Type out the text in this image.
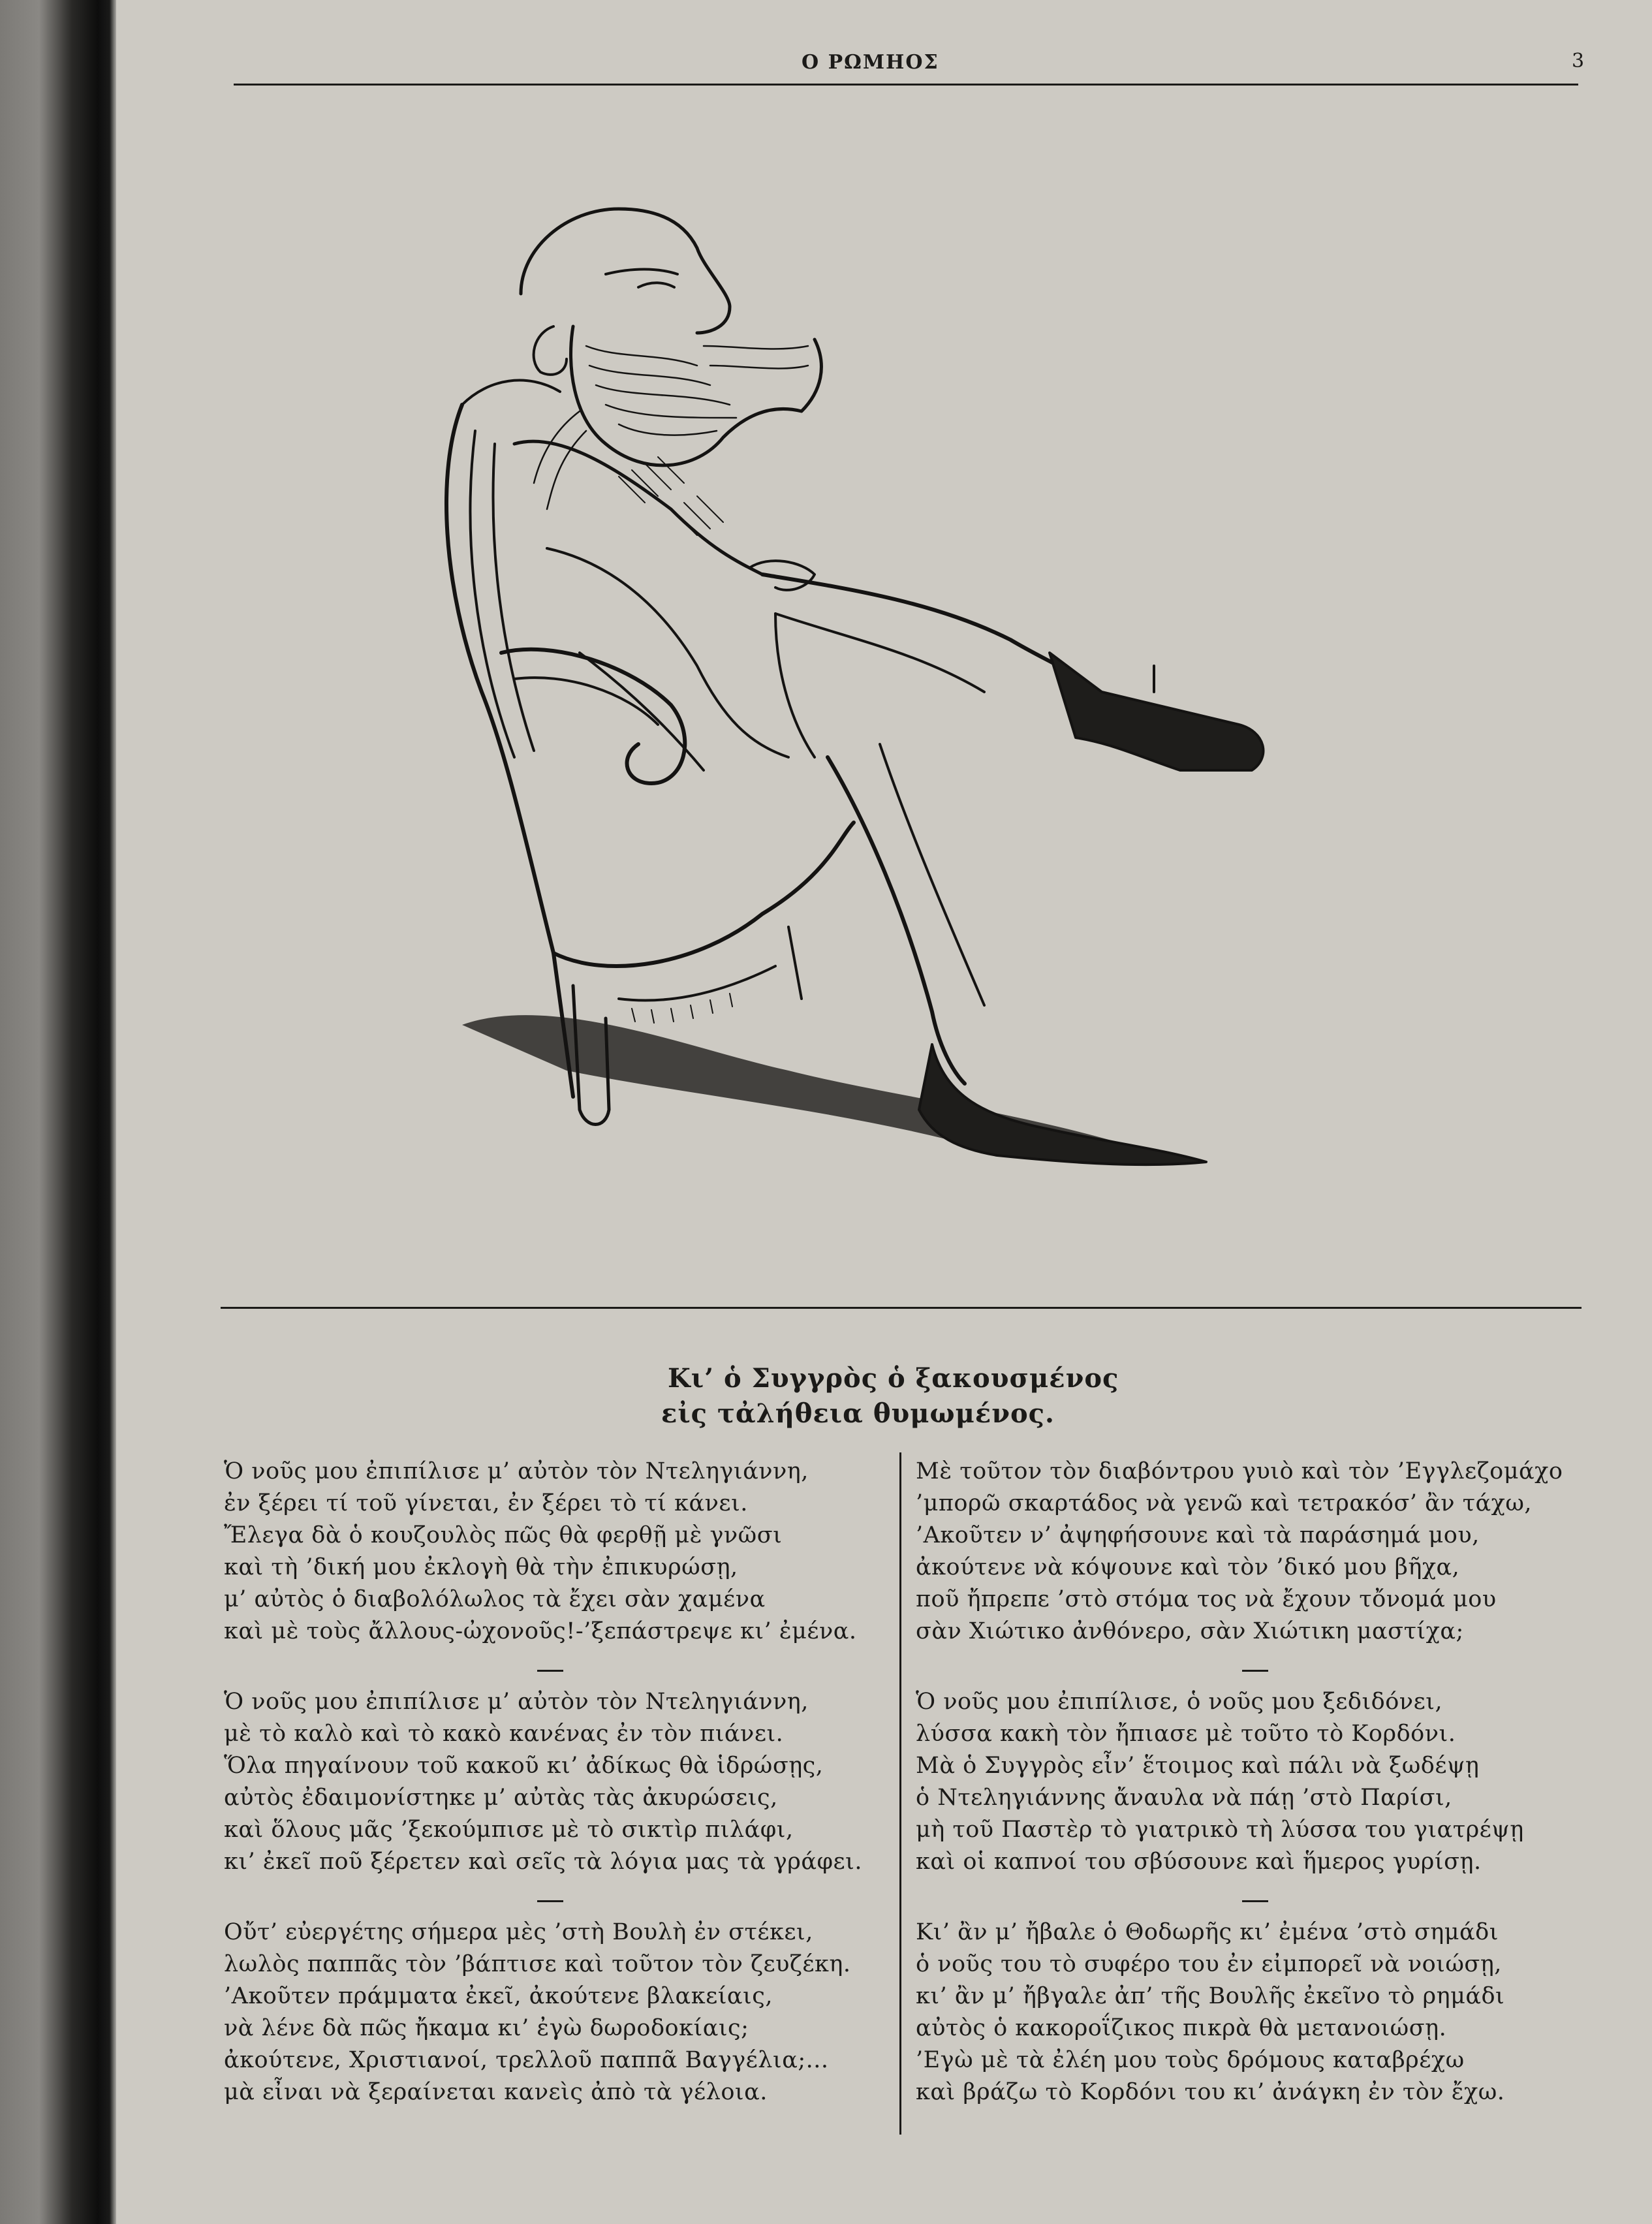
Ο ΡΩΜΗΟΣ	3
Κι’ ὁ Συγγρὸς ὁ ξακουσμένος
εἰς τἀλήθεια θυμωμένος.
Ὁ νοῦς μου ἐπιπίλισε μ’ αὐτὸν τὸν Ντεληγιάννη,
ἐν ξέρει τί τοῦ γίνεται, ἐν ξέρει τὸ τί κάνει.
Ἔλεγα δὰ ὁ κουζουλὸς πῶς θὰ φερθῇ μὲ γνῶσι
καὶ τὴ ’δική μου ἐκλογὴ θὰ τὴν ἐπικυρώσῃ,
μ’ αὐτὸς ὁ διαβολόλωλος τὰ ἔχει σὰν χαμένα
καὶ μὲ τοὺς ἄλλους-ὠχονοῦς!-’ξεπάστρεψε κι’ ἐμένα.
Ὁ νοῦς μου ἐπιπίλισε μ’ αὐτὸν τὸν Ντεληγιάννη,
μὲ τὸ καλὸ καὶ τὸ κακὸ κανένας ἐν τὸν πιάνει.
Ὅλα πηγαίνουν τοῦ κακοῦ κι’ ἀδίκως θὰ ἱδρώσῃς,
αὐτὸς ἐδαιμονίστηκε μ’ αὐτὰς τὰς ἀκυρώσεις,
καὶ ὅλους μᾶς ’ξεκούμπισε μὲ τὸ σικτὶρ πιλάφι,
κι’ ἐκεῖ ποῦ ξέρετεν καὶ σεῖς τὰ λόγια μας τὰ γράφει.
Οὔτ’ εὐεργέτης σήμερα μὲς ’στὴ Βουλὴ ἐν στέκει,
λωλὸς παππᾶς τὸν ’βάπτισε καὶ τοῦτον τὸν ζευζέκη.
’Ακοῦτεν πράμματα ἐκεῖ, ἀκούτενε βλακείαις,
νὰ λένε δὰ πῶς ἤκαμα κι’ ἐγὼ δωροδοκίαις;
ἀκούτενε, Χριστιανοί, τρελλοῦ παππᾶ Βαγγέλια;...
μὰ εἶναι νὰ ξεραίνεται κανεὶς ἀπὸ τὰ γέλοια.
Μὲ τοῦτον τὸν διαβόντρου γυιὸ καὶ τὸν ’Εγγλεζομάχο
’μπορῶ σκαρτάδος νὰ γενῶ καὶ τετρακόσ’ ἂν τάχω,
’Ακοῦτεν ν’ ἀψηφήσουνε καὶ τὰ παράσημά μου,
ἀκούτενε νὰ κόψουνε καὶ τὸν ’δικό μου βῆχα,
ποῦ ἤπρεπε ’στὸ στόμα τος νὰ ἔχουν τὄνομά μου
σὰν Χιώτικο ἀνθόνερο, σὰν Χιώτικη μαστίχα;
Ὁ νοῦς μου ἐπιπίλισε, ὁ νοῦς μου ξεδιδόνει,
λύσσα κακὴ τὸν ἤπιασε μὲ τοῦτο τὸ Κορδόνι.
Μὰ ὁ Συγγρὸς εἶν’ ἕτοιμος καὶ πάλι νὰ ξωδέψῃ
ὁ Ντεληγιάννης ἄναυλα νὰ πάῃ ’στὸ Παρίσι,
μὴ τοῦ Παστὲρ τὸ γιατρικὸ τὴ λύσσα του γιατρέψῃ
καὶ οἱ καπνοί του σβύσουνε καὶ ἥμερος γυρίσῃ.
Κι’ ἂν μ’ ἤβαλε ὁ Θοδωρῆς κι’ ἐμένα ’στὸ σημάδι
ὁ νοῦς του τὸ συφέρο του ἐν εἰμπορεῖ νὰ νοιώσῃ,
κι’ ἂν μ’ ἤβγαλε ἀπ’ τῆς Βουλῆς ἐκεῖνο τὸ ρημάδι
αὐτὸς ὁ κακοροΐζικος πικρὰ θὰ μετανοιώσῃ.
’Εγὼ μὲ τὰ ἐλέη μου τοὺς δρόμους καταβρέχω
καὶ βράζω τὸ Κορδόνι του κι’ ἀνάγκη ἐν τὸν ἔχω.
